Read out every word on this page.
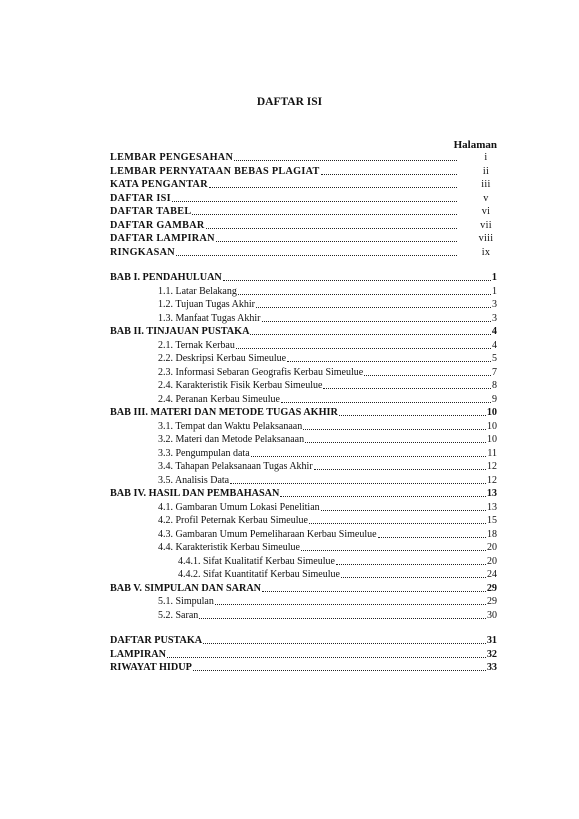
DAFTAR ISI
Halaman
LEMBAR PENGESAHAN	i
LEMBAR PERNYATAAN BEBAS PLAGIAT	ii
KATA PENGANTAR	iii
DAFTAR ISI	v
DAFTAR TABEL	vi
DAFTAR GAMBAR	vii
DAFTAR LAMPIRAN	viii
RINGKASAN	ix
BAB I. PENDAHULUAN	1
1.1. Latar Belakang	1
1.2. Tujuan Tugas Akhir	3
1.3. Manfaat Tugas Akhir	3
BAB II. TINJAUAN PUSTAKA	4
2.1. Ternak Kerbau	4
2.2. Deskripsi Kerbau Simeulue	5
2.3. Informasi Sebaran Geografis Kerbau Simeulue	7
2.4. Karakteristik Fisik Kerbau Simeulue	8
2.4. Peranan Kerbau Simeulue	9
BAB III. MATERI DAN METODE TUGAS AKHIR	10
3.1. Tempat dan Waktu Pelaksanaan	10
3.2. Materi dan Metode Pelaksanaan	10
3.3. Pengumpulan data	11
3.4. Tahapan Pelaksanaan Tugas Akhir	12
3.5. Analisis Data	12
BAB IV. HASIL DAN PEMBAHASAN	13
4.1. Gambaran Umum Lokasi Penelitian	13
4.2. Profil Peternak Kerbau Simeulue	15
4.3. Gambaran Umum Pemeliharaan Kerbau Simeulue	18
4.4. Karakteristik Kerbau Simeulue	20
4.4.1. Sifat Kualitatif Kerbau Simeulue	20
4.4.2. Sifat Kuantitatif Kerbau Simeulue	24
BAB V. SIMPULAN DAN SARAN	29
5.1. Simpulan	29
5.2. Saran	30
DAFTAR PUSTAKA	31
LAMPIRAN	32
RIWAYAT HIDUP	33
